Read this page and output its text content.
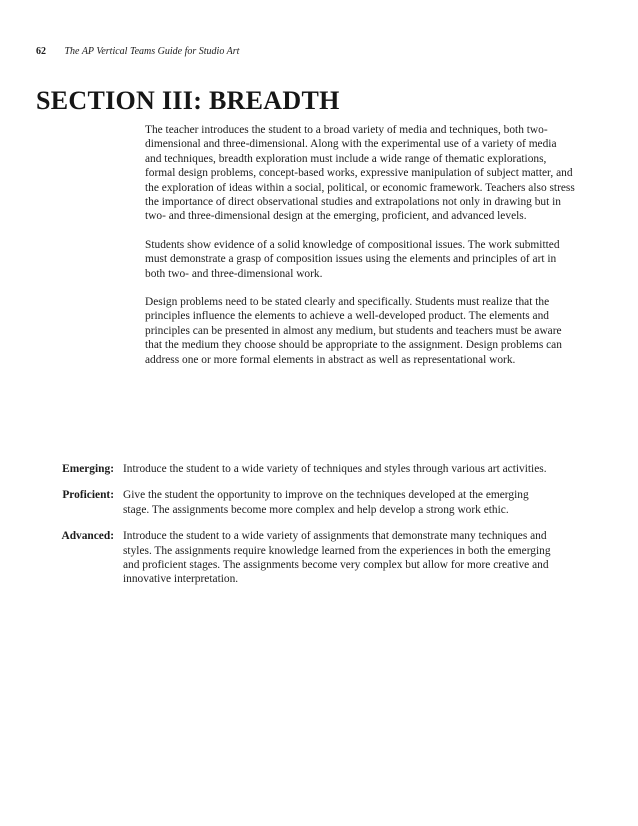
62 The AP Vertical Teams Guide for Studio Art
SECTION III: BREADTH

The teacher introduces the student to a broad variety of media and techniques, both two-dimensional and three-dimensional. Along with the experimental use of a variety of media and techniques, breadth exploration must include a wide range of thematic explorations, formal design problems, concept-based works, expressive manipulation of subject matter, and the exploration of ideas within a social, political, or economic framework. Teachers also stress the importance of direct observational studies and extrapolations not only in drawing but in two- and three-dimensional design at the emerging, proficient, and advanced levels.

Students show evidence of a solid knowledge of compositional issues. The work submitted must demonstrate a grasp of composition issues using the elements and principles of art in both two- and three-dimensional work.

Design problems need to be stated clearly and specifically. Students must realize that the principles influence the elements to achieve a well-developed product. The elements and principles can be presented in almost any medium, but students and teachers must be aware that the medium they choose should be appropriate to the assignment. Design problems can address one or more formal elements in abstract as well as representational work.

Emerging: Introduce the student to a wide variety of techniques and styles through various art activities.
Proficient: Give the student the opportunity to improve on the techniques developed at the emerging stage. The assignments become more complex and help develop a strong work ethic.
Advanced: Introduce the student to a wide variety of assignments that demonstrate many techniques and styles. The assignments require knowledge learned from the experiences in both the emerging and proficient stages. The assignments become very complex but allow for more creative and innovative interpretation.
